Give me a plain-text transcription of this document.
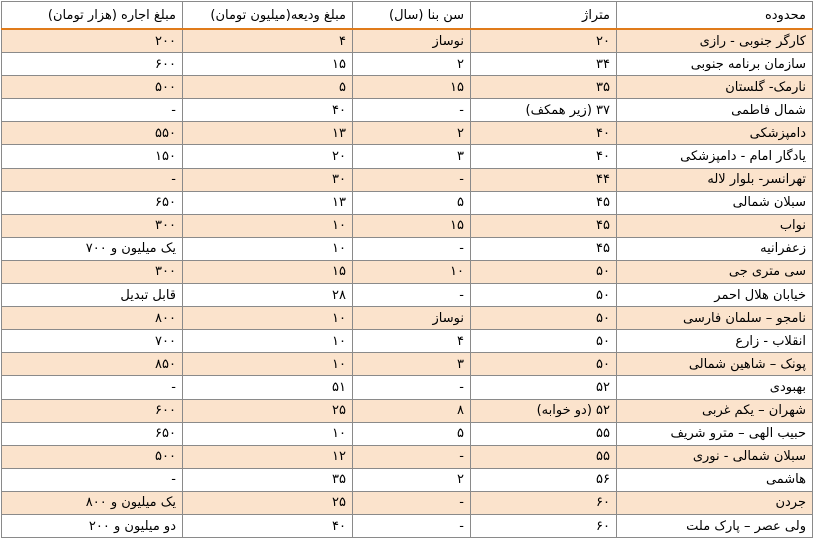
محدوده	متراژ	سن بنا (سال)	مبلغ ودیعه(میلیون تومان)	مبلغ اجاره (هزار تومان)
کارگر جنوبی - رازی	۲۰	نوساز	۴	۲۰۰
سازمان برنامه جنوبی	۳۴	۲	۱۵	۶۰۰
نارمک- گلستان	۳۵	۱۵	۵	۵۰۰
شمال فاطمی	۳۷ (زیر همکف)	-	۴۰	-
دامپزشکی	۴۰	۲	۱۳	۵۵۰
یادگار امام - دامپزشکی	۴۰	۳	۲۰	۱۵۰
تهرانسر- بلوار لاله	۴۴	-	۳۰	-
سبلان شمالی	۴۵	۵	۱۳	۶۵۰
نواب	۴۵	۱۵	۱۰	۳۰۰
زعفرانیه	۴۵	-	۱۰	یک میلیون و ۷۰۰
سی متری جی	۵۰	۱۰	۱۵	۳۰۰
خیابان هلال احمر	۵۰	-	۲۸	قابل تبدیل
نامجو – سلمان فارسی	۵۰	نوساز	۱۰	۸۰۰
انقلاب - زارع	۵۰	۴	۱۰	۷۰۰
پونک – شاهین شمالی	۵۰	۳	۱۰	۸۵۰
بهبودی	۵۲	-	۵۱	-
شهران – یکم غربی	۵۲ (دو خوابه)	۸	۲۵	۶۰۰
حبیب الهی – مترو شریف	۵۵	۵	۱۰	۶۵۰
سبلان شمالی - نوری	۵۵	-	۱۲	۵۰۰
هاشمی	۵۶	۲	۳۵	-
جردن	۶۰	-	۲۵	یک میلیون و ۸۰۰
ولی عصر – پارک ملت	۶۰	-	۴۰	دو میلیون و ۲۰۰
